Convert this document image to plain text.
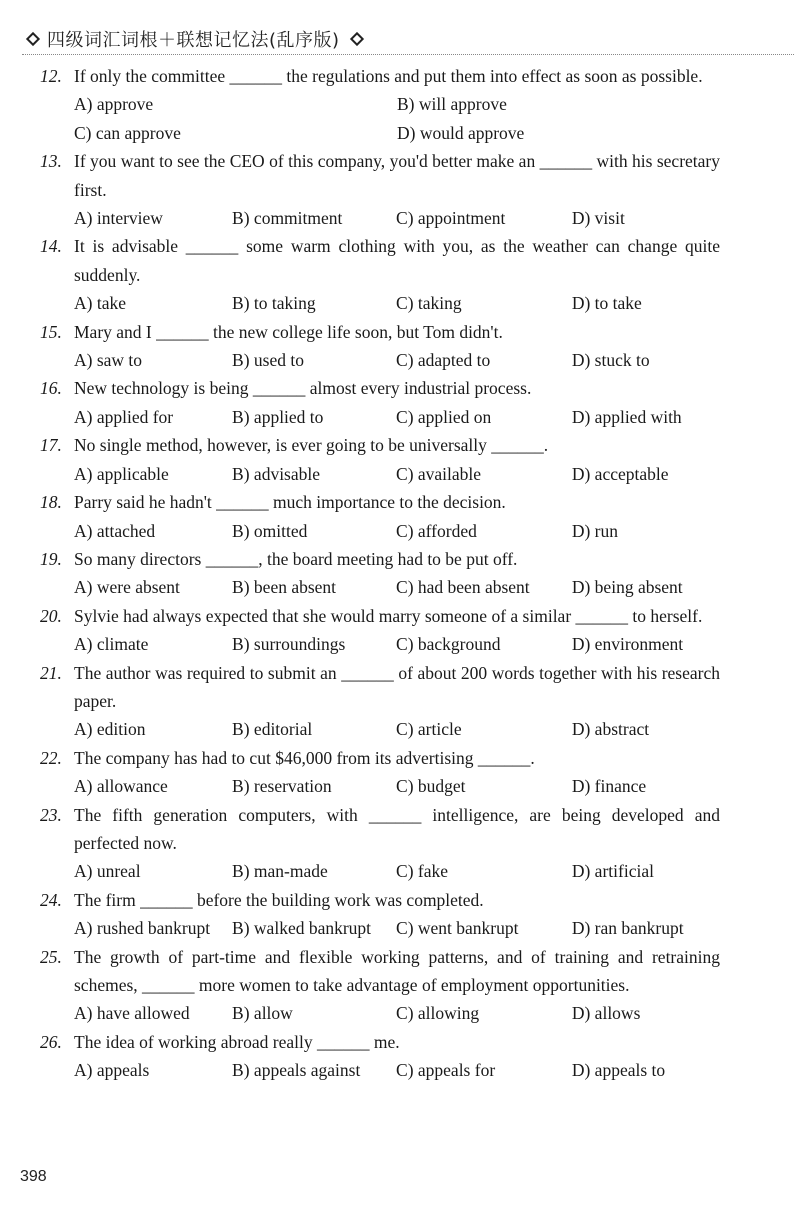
四级词汇词根＋联想记忆法(乱序版)
12. If only the committee ______ the regulations and put them into effect as soon as possible.
A) approve	B) will approve
C) can approve	D) would approve
13. If you want to see the CEO of this company, you'd better make an ______ with his secretary first.
A) interview	B) commitment	C) appointment	D) visit
14. It is advisable ______ some warm clothing with you, as the weather can change quite suddenly.
A) take	B) to taking	C) taking	D) to take
15. Mary and I ______ the new college life soon, but Tom didn't.
A) saw to	B) used to	C) adapted to	D) stuck to
16. New technology is being ______ almost every industrial process.
A) applied for	B) applied to	C) applied on	D) applied with
17. No single method, however, is ever going to be universally ______.
A) applicable	B) advisable	C) available	D) acceptable
18. Parry said he hadn't ______ much importance to the decision.
A) attached	B) omitted	C) afforded	D) run
19. So many directors ______, the board meeting had to be put off.
A) were absent	B) been absent	C) had been absent	D) being absent
20. Sylvie had always expected that she would marry someone of a similar ______ to herself.
A) climate	B) surroundings	C) background	D) environment
21. The author was required to submit an ______ of about 200 words together with his research paper.
A) edition	B) editorial	C) article	D) abstract
22. The company has had to cut $46,000 from its advertising ______.
A) allowance	B) reservation	C) budget	D) finance
23. The fifth generation computers, with ______ intelligence, are being developed and perfected now.
A) unreal	B) man-made	C) fake	D) artificial
24. The firm ______ before the building work was completed.
A) rushed bankrupt	B) walked bankrupt	C) went bankrupt	D) ran bankrupt
25. The growth of part-time and flexible working patterns, and of training and retraining schemes, ______ more women to take advantage of employment opportunities.
A) have allowed	B) allow	C) allowing	D) allows
26. The idea of working abroad really ______ me.
A) appeals	B) appeals against	C) appeals for	D) appeals to
398
